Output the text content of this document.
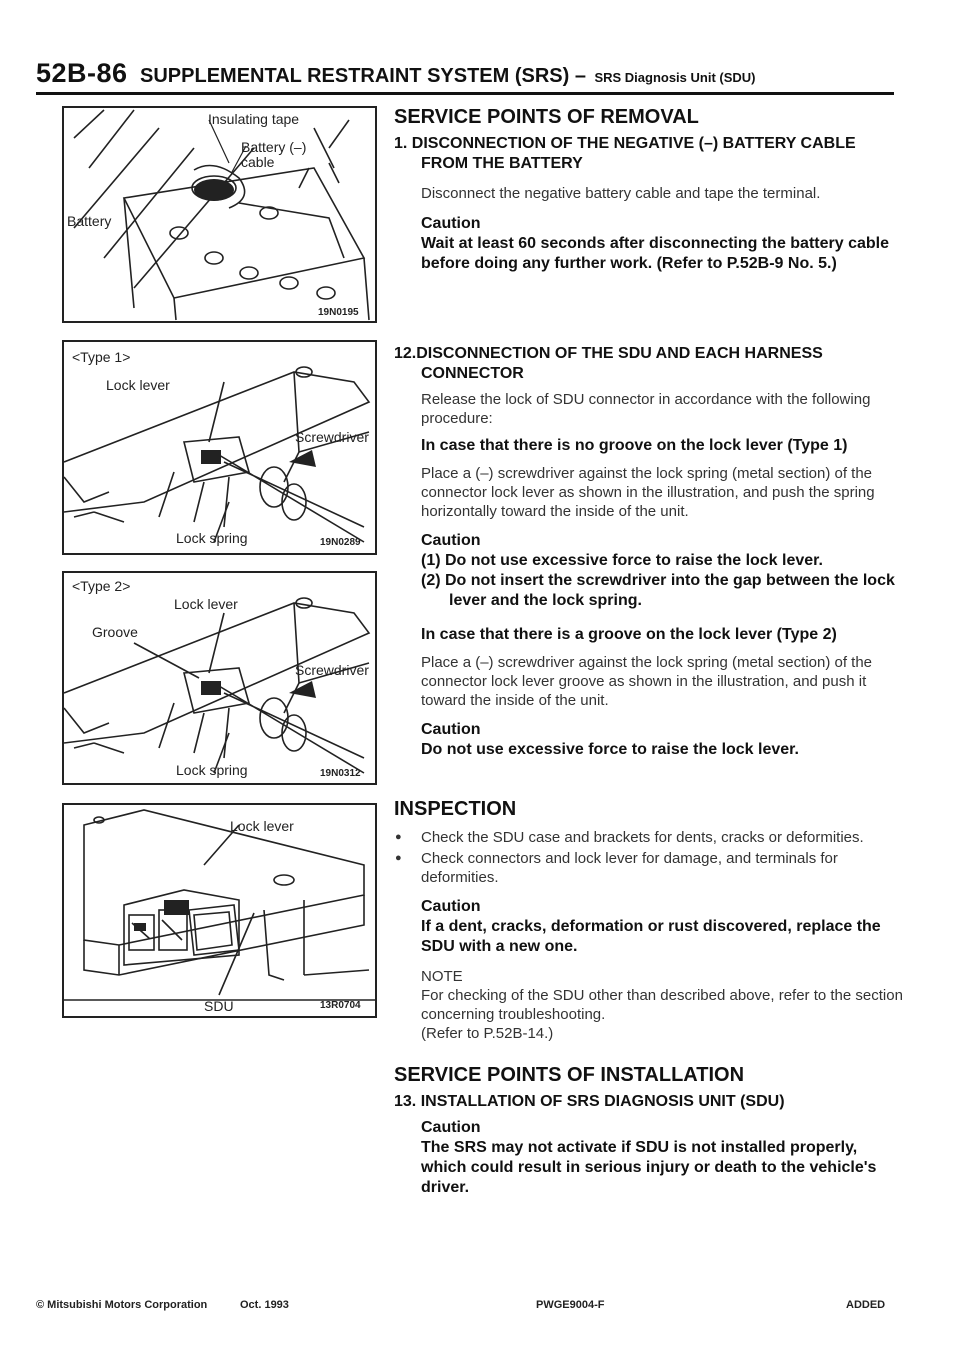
52B-86 SUPPLEMENTAL RESTRAINT SYSTEM (SRS) – SRS Diagnosis Unit (SDU)
Insulating tape
Battery (–) cable
Battery
19N0195
<Type 1>
Lock lever
Screwdriver
Lock spring	19N0289
<Type 2>
Lock lever
Groove
Screwdriver
Lock spring	19N0312
Lock lever
SDU	13R0704
SERVICE POINTS OF REMOVAL
1. DISCONNECTION OF THE NEGATIVE (–) BATTERY CABLE FROM THE BATTERY
Disconnect the negative battery cable and tape the terminal.
Caution
Wait at least 60 seconds after disconnecting the battery cable before doing any further work. (Refer to P.52B-9 No. 5.)
12.DISCONNECTION OF THE SDU AND EACH HARNESS CONNECTOR
Release the lock of SDU connector in accordance with the following procedure:
In case that there is no groove on the lock lever (Type 1)
Place a (–) screwdriver against the lock spring (metal section) of the connector lock lever as shown in the illustration, and push the spring horizontally toward the inside of the unit.
Caution
(1) Do not use excessive force to raise the lock lever.
(2) Do not insert the screwdriver into the gap between the lock lever and the lock spring.
In case that there is a groove on the lock lever (Type 2)
Place a (–) screwdriver against the lock spring (metal section) of the connector lock lever groove as shown in the illustration, and push it toward the inside of the unit.
Caution
Do not use excessive force to raise the lock lever.
INSPECTION
● Check the SDU case and brackets for dents, cracks or deformities.
● Check connectors and lock lever for damage, and terminals for deformities.
Caution
If a dent, cracks, deformation or rust discovered, replace the SDU with a new one.
NOTE
For checking of the SDU other than described above, refer to the section concerning troubleshooting.
(Refer to P.52B-14.)
SERVICE POINTS OF INSTALLATION
13. INSTALLATION OF SRS DIAGNOSIS UNIT (SDU)
Caution
The SRS may not activate if SDU is not installed properly, which could result in serious injury or death to the vehicle's driver.
© Mitsubishi Motors Corporation	Oct. 1993	PWGE9004-F	ADDED
